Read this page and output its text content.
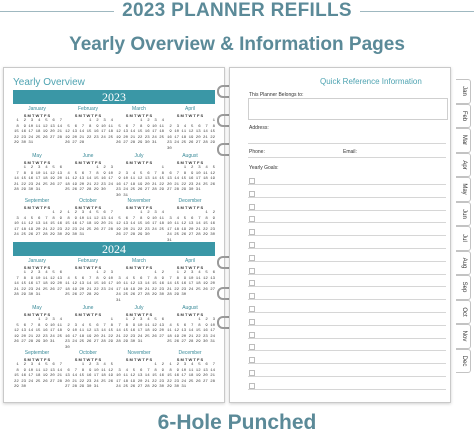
2023 PLANNER REFILLS
Yearly Overview & Information Pages
Yearly Overview
2023
2024
January
S M T W T F S
1  2  3  4  5  6  7
8  9 10 11 12 13 14
15 16 17 18 19 20 21
22 23 24 25 26 27 28
29 30 31
February
S M T W T F S
1  2  3  4
5  6  7  8  9 10 11
12 13 14 15 16 17 18
19 20 21 22 23 24 25
26 27 28
March
S M T W T F S
1  2  3  4
5  6  7  8  9 10 11
12 13 14 15 16 17 18
19 20 21 22 23 24 25
26 27 28 29 30 31
April
S M T W T F S
1
2  3  4  5  6  7  8
9 10 11 12 13 14 15
16 17 18 19 20 21 22
23 24 25 26 27 28 29
30
May
S M T W T F S
1  2  3  4  5  6
7  8  9 10 11 12 13
14 15 16 17 18 19 20
21 22 23 24 25 26 27
28 29 30 31
June
S M T W T F S
1  2  3
4  5  6  7  8  9 10
11 12 13 14 15 16 17
18 19 20 21 22 23 24
25 26 27 28 29 30
July
S M T W T F S
1
2  3  4  5  6  7  8
9 10 11 12 13 14 15
16 17 18 19 20 21 22
23 24 25 26 27 28 29
30 31
August
S M T W T F S
1  2  3  4  5
6  7  8  9 10 11 12
13 14 15 16 17 18 19
20 21 22 23 24 25 26
27 28 29 30 31
September
S M T W T F S
1  2
3  4  5  6  7  8  9
10 11 12 13 14 15 16
17 18 19 20 21 22 23
24 25 26 27 28 29 30
October
S M T W T F S
1  2  3  4  5  6  7
8  9 10 11 12 13 14
15 16 17 18 19 20 21
22 23 24 25 26 27 28
29 30 31
November
S M T W T F S
1  2  3  4
5  6  7  8  9 10 11
12 13 14 15 16 17 18
19 20 21 22 23 24 25
26 27 28 29 30
December
S M T W T F S
1  2
3  4  5  6  7  8  9
10 11 12 13 14 15 16
17 18 19 20 21 22 23
24 25 26 27 28 29 30
31
January
S M T W T F S
1  2  3  4  5  6
7  8  9 10 11 12 13
14 15 16 17 18 19 20
21 22 23 24 25 26 27
28 29 30 31
February
S M T W T F S
1  2  3
4  5  6  7  8  9 10
11 12 13 14 15 16 17
18 19 20 21 22 23 24
25 26 27 28 29
March
S M T W T F S
1  2
3  4  5  6  7  8  9
10 11 12 13 14 15 16
17 18 19 20 21 22 23
24 25 26 27 28 29 30
31
April
S M T W T F S
1  2  3  4  5  6
7  8  9 10 11 12 13
14 15 16 17 18 19 20
21 22 23 24 25 26 27
28 29 30
May
S M T W T F S
1  2  3  4
5  6  7  8  9 10 11
12 13 14 15 16 17 18
19 20 21 22 23 24 25
26 27 28 29 30 31
June
S M T W T F S
1
2  3  4  5  6  7  8
9 10 11 12 13 14 15
16 17 18 19 20 21 22
23 24 25 26 27 28 29
30
July
S M T W T F S
1  2  3  4  5  6
7  8  9 10 11 12 13
14 15 16 17 18 19 20
21 22 23 24 25 26 27
28 29 30 31
August
S M T W T F S
1  2  3
4  5  6  7  8  9 10
11 12 13 14 15 16 17
18 19 20 21 22 23 24
25 26 27 28 29 30 31
September
S M T W T F S
1  2  3  4  5  6  7
8  9 10 11 12 13 14
15 16 17 18 19 20 21
22 23 24 25 26 27 28
29 30
October
S M T W T F S
1  2  3  4  5
6  7  8  9 10 11 12
13 14 15 16 17 18 19
20 21 22 23 24 25 26
27 28 29 30 31
November
S M T W T F S
1  2
3  4  5  6  7  8  9
10 11 12 13 14 15 16
17 18 19 20 21 22 23
24 25 26 27 28 29 30
December
S M T W T F S
1  2  3  4  5  6  7
8  9 10 11 12 13 14
15 16 17 18 19 20 21
22 23 24 25 26 27 28
29 30 31
Quick Reference Information
This Planner Belongs to:
Address:
Phone:	Email:
Yearly Goals:
Jan
Feb
Mar
Apr
May
Jun
Jul
Aug
Sep
Oct
Nov
Dec
6-Hole Punched
